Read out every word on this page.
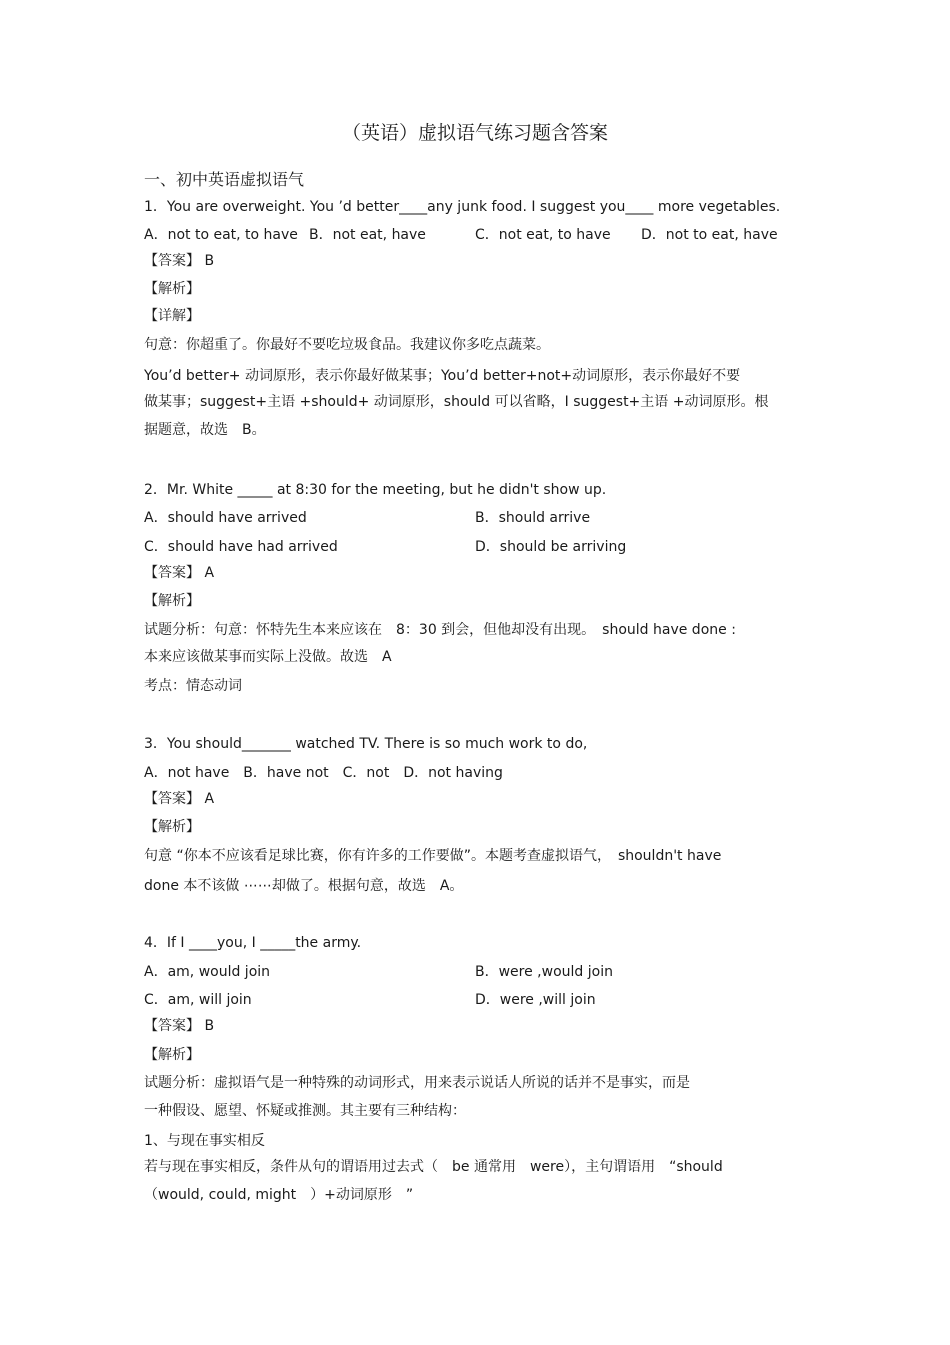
（英语）虚拟语气练习题含答案
一、初中英语虚拟语气
1．You are overweight. You ’d better____any junk food. I suggest you____ more vegetables.
A．not to eat, to have B．not eat, have	C．not eat, to have D．not to eat, have
【答案】 B
【解析】
【详解】
句意：你超重了。你最好不要吃垃圾食品。我建议你多吃点蔬菜。
You’d better+ 动词原形，表示你最好做某事；You’d better+not+动词原形，表示你最好不要
做某事；suggest+主语 +should+ 动词原形，should 可以省略，I suggest+主语 +动词原形。根
据题意，故选　B。
2．Mr. White _____ at 8:30 for the meeting, but he didn't show up.
A．should have arrived	B．should arrive
C．should have had arrived	D．should be arriving
【答案】 A
【解析】
试题分析：句意：怀特先生本来应该在　8：30 到会，但他却没有出现。　should have done :
本来应该做某事而实际上没做。故选　A
考点：情态动词
3．You should_______ watched TV. There is so much work to do,
A．not have　B．have not　C．not　D．not having
【答案】 A
【解析】
句意 “你本不应该看足球比赛，你有许多的工作要做”。本题考查虚拟语气，　shouldn't have
done 本不该做 ⋯⋯却做了。根据句意，故选　A。
4．If I ____you, I _____the army.
A．am, would join	B．were ,would join
C．am, will join	D．were ,will join
【答案】 B
【解析】
试题分析：虚拟语气是一种特殊的动词形式，用来表示说话人所说的话并不是事实，而是
一种假设、愿望、怀疑或推测。其主要有三种结构：
1、与现在事实相反
若与现在事实相反，条件从句的谓语用过去式（　be 通常用　were），主句谓语用　“should
（would, could, might　）+动词原形　”
